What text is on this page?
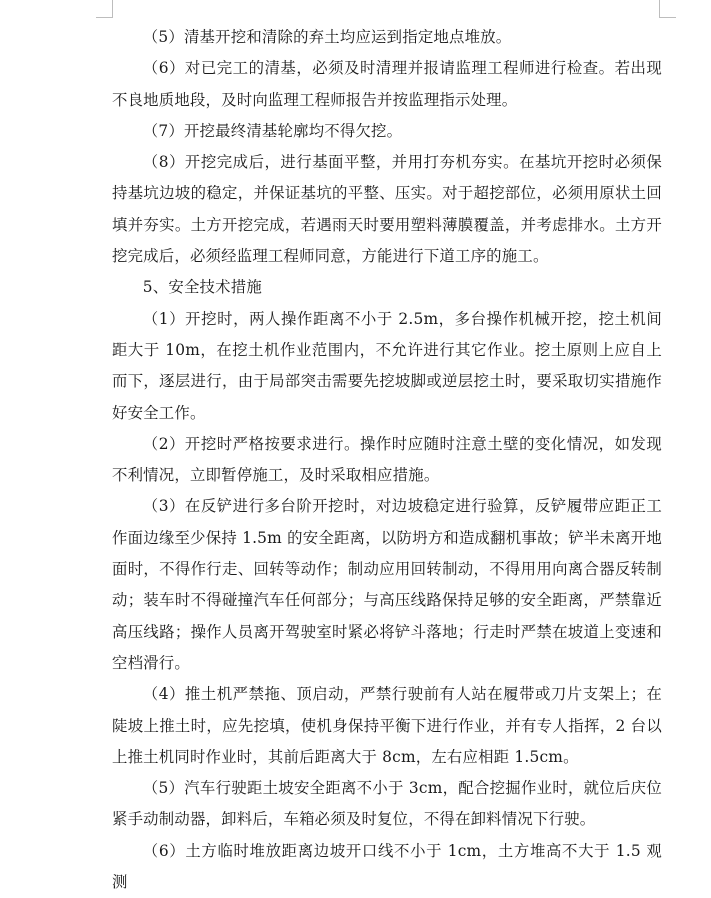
（5）清基开挖和清除的弃土均应运到指定地点堆放。

（6）对已完工的清基，必须及时清理并报请监理工程师进行检查。若出现不良地质地段，及时向监理工程师报告并按监理指示处理。

（7）开挖最终清基轮廓均不得欠挖。

（8）开挖完成后，进行基面平整，并用打夯机夯实。在基坑开挖时必须保持基坑边坡的稳定，并保证基坑的平整、压实。对于超挖部位，必须用原状土回填并夯实。土方开挖完成，若遇雨天时要用塑料薄膜覆盖，并考虑排水。土方开挖完成后，必须经监理工程师同意，方能进行下道工序的施工。

5、安全技术措施

（1）开挖时，两人操作距离不小于 2.5m，多台操作机械开挖，挖土机间距大于 10m，在挖土机作业范围内，不允许进行其它作业。挖土原则上应自上而下，逐层进行，由于局部突击需要先挖坡脚或逆层挖土时，要采取切实措施作好安全工作。

（2）开挖时严格按要求进行。操作时应随时注意土壁的变化情况，如发现不利情况，立即暂停施工，及时采取相应措施。

（3）在反铲进行多台阶开挖时，对边坡稳定进行验算，反铲履带应距正工作面边缘至少保持 1.5m 的安全距离，以防坍方和造成翻机事故；铲半未离开地面时，不得作行走、回转等动作；制动应用回转制动，不得用用向离合器反转制动；装车时不得碰撞汽车任何部分；与高压线路保持足够的安全距离，严禁靠近高压线路；操作人员离开驾驶室时紧必将铲斗落地；行走时严禁在坡道上变速和空档滑行。

（4）推土机严禁拖、顶启动，严禁行驶前有人站在履带或刀片支架上；在陡坡上推土时，应先挖填，使机身保持平衡下进行作业，并有专人指挥，2 台以上推土机同时作业时，其前后距离大于 8cm，左右应相距 1.5cm。

（5）汽车行驶距土坡安全距离不小于 3cm，配合挖掘作业时，就位后庆位紧手动制动器，卸料后，车箱必须及时复位，不得在卸料情况下行驶。

（6）土方临时堆放距离边坡开口线不小于 1cm，土方堆高不大于 1.5 观测
